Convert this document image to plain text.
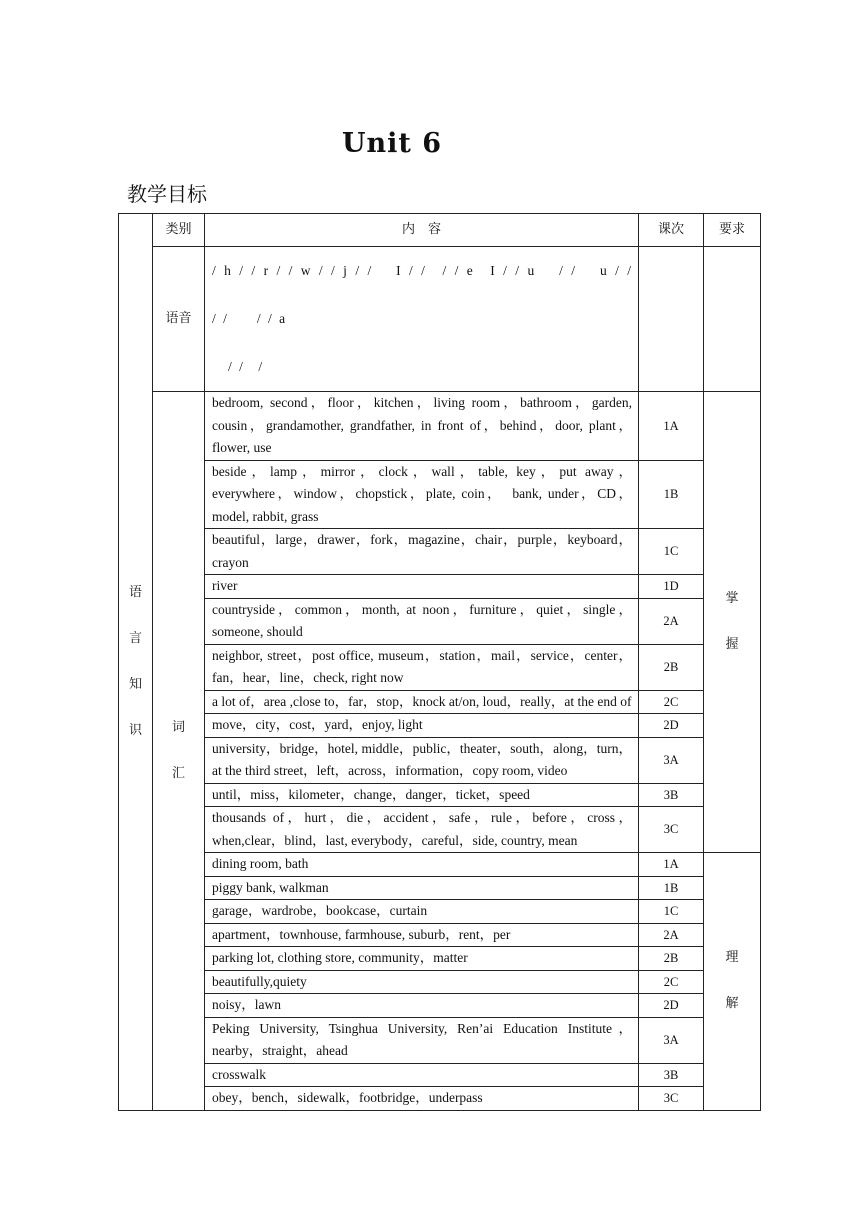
Unit 6
教学目标
语言知识	类别	内　容	课次	要求
	语音	/ h / / r / / w / / j / /　 I / /　/ / e　I / / u　 / /　 u / /　　 / /　　/ / a
/ /　/		

	词汇	bedroom, second，floor，kitchen，living room，bathroom，garden, cousin，grandamother, grandfather, in front of，behind，door, plant，flower, use	1A	掌握
		beside，lamp，mirror，clock，wall，table, key，put away，everywhere，window，chopstick，plate, coin，　bank, under，CD，model, rabbit, grass	1B	
		beautiful，large，drawer，fork，magazine，chair，purple，keyboard，crayon	1C	
		river	1D	
		countryside，common，month, at noon，furniture，quiet，single，someone, should	2A	
		neighbor, street，post office, museum，station，mail，service，center，fan，hear，line，check, right now	2B	
		a lot of，area ,close to，far，stop，knock at/on, loud，really，at the end of	2C	
		move，city，cost，yard，enjoy, light	2D	
		university，bridge，hotel, middle，public，theater，south，along，turn，at the third street，left，across，information，copy room, video	3A	
		until，miss，kilometer，change，danger，ticket，speed	3B	
		thousands of，hurt，die，accident，safe，rule，before，cross，when,clear，blind，last, everybody，careful，side, country, mean	3C	
		dining room, bath	1A	理解
		piggy bank, walkman	1B	
		garage，wardrobe，bookcase，curtain	1C	
		apartment，townhouse, farmhouse, suburb，rent，per	2A	
		parking lot, clothing store, community，matter	2B	
		beautifully,quiety	2C	
		noisy，lawn	2D	
		Peking University, Tsinghua University, Ren’ai Education Institute，nearby，straight，ahead	3A	
		crosswalk	3B	
		obey，bench，sidewalk，footbridge，underpass	3C	
